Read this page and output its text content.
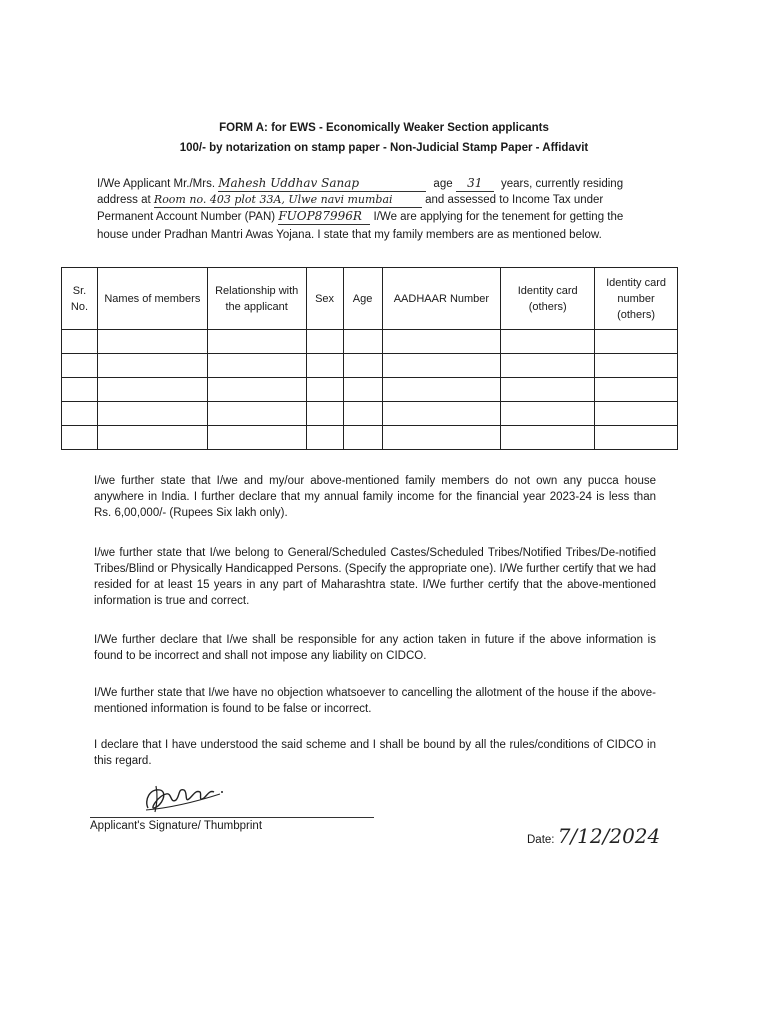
FORM A: for EWS - Economically Weaker Section applicants
100/- by notarization on stamp paper - Non-Judicial Stamp Paper - Affidavit
I/We Applicant Mr./Mrs. Mahesh Uddhav Sanap	age 31 years, currently residing
address at Room no. 403 plot 33A, Ulwe navi mumbai	and assessed to Income Tax under
Permanent Account Number (PAN) FUOP87996R I/We are applying for the tenement for getting the
house under Pradhan Mantri Awas Yojana. I state that my family members are as mentioned below.
Sr. No.	Names of members	Relationship with the applicant	Sex	Age	AADHAAR Number	Identity card (others)	Identity card number (others)

I/we further state that I/we and my/our above-mentioned family members do not own any pucca house anywhere in India. I further declare that my annual family income for the financial year 2023-24 is less than Rs. 6,00,000/- (Rupees Six lakh only).
I/we further state that I/we belong to General/Scheduled Castes/Scheduled Tribes/Notified Tribes/De-notified Tribes/Blind or Physically Handicapped Persons. (Specify the appropriate one). I/We further certify that we had resided for at least 15 years in any part of Maharashtra state. I/We further certify that the above-mentioned information is true and correct.
I/We further declare that I/we shall be responsible for any action taken in future if the above information is found to be incorrect and shall not impose any liability on CIDCO.
I/We further state that I/we have no objection whatsoever to cancelling the allotment of the house if the above-mentioned information is found to be false or incorrect.
I declare that I have understood the said scheme and I shall be bound by all the rules/conditions of CIDCO in this regard.
Applicant's Signature/ Thumbprint
Date: 7/12/2024
